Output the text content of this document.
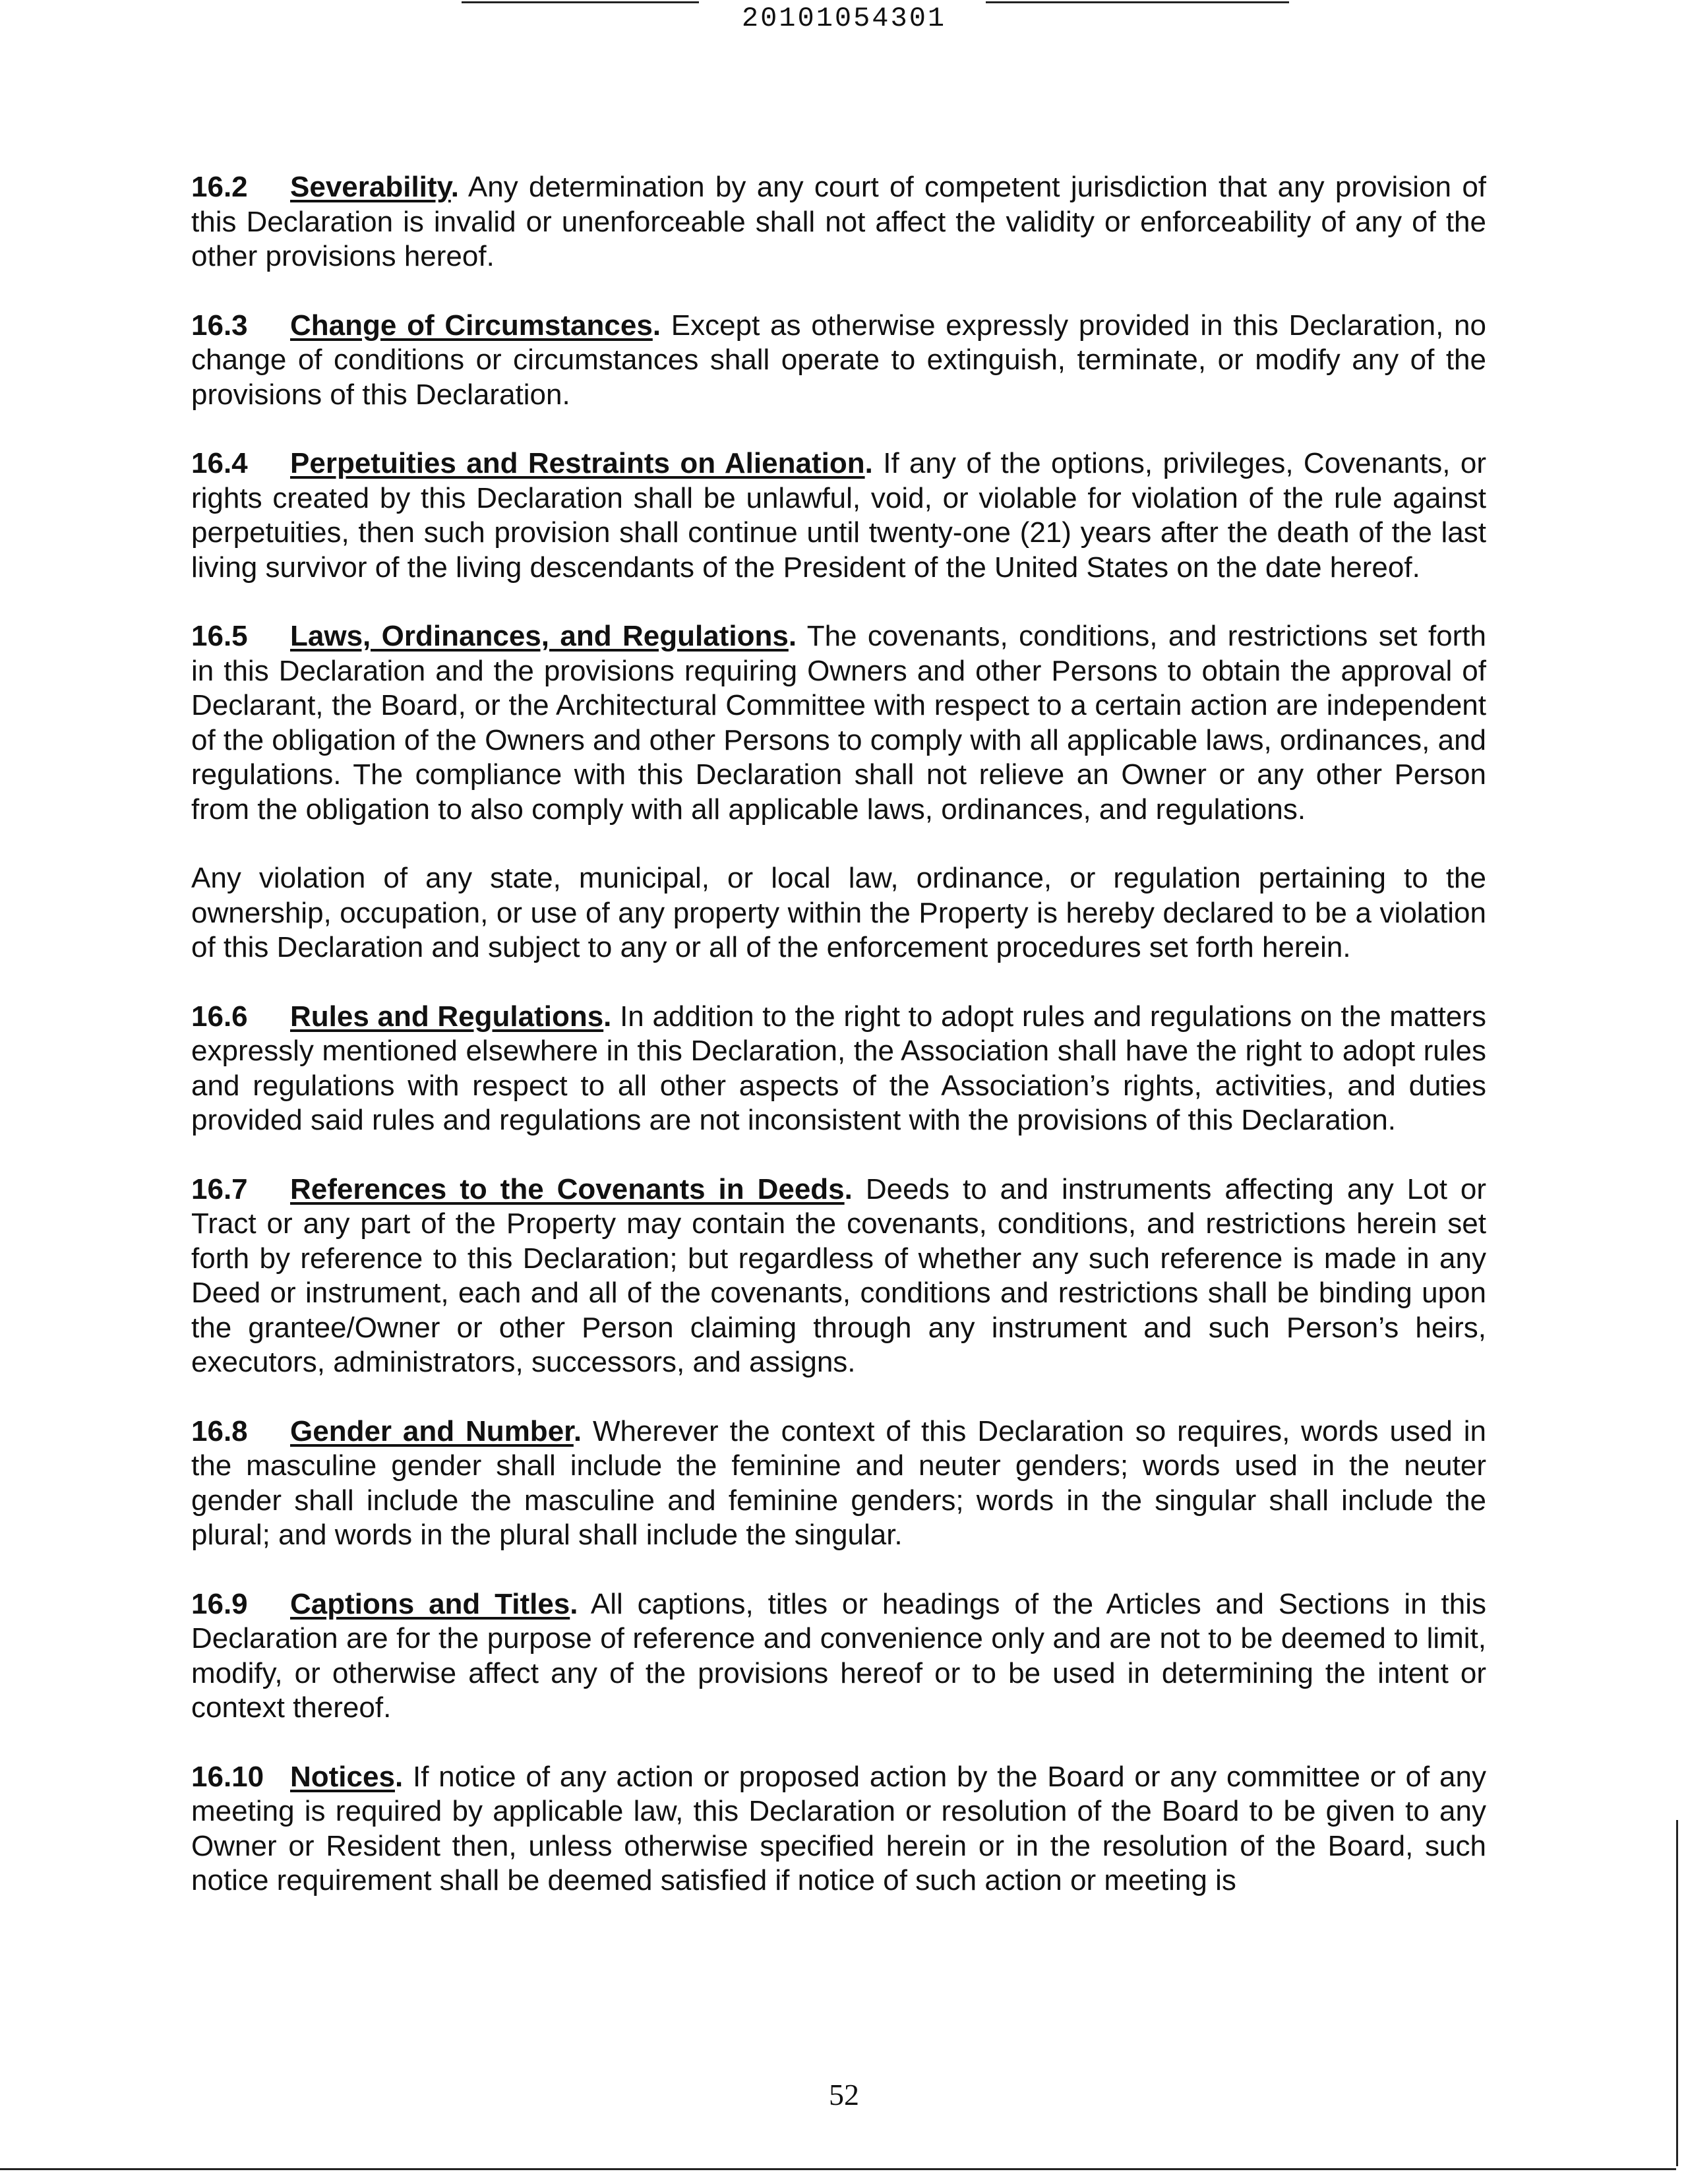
20101054301

16.2 Severability. Any determination by any court of competent jurisdiction that any provision of this Declaration is invalid or unenforceable shall not affect the validity or enforceability of any of the other provisions hereof.

16.3 Change of Circumstances. Except as otherwise expressly provided in this Declaration, no change of conditions or circumstances shall operate to extinguish, terminate, or modify any of the provisions of this Declaration.

16.4 Perpetuities and Restraints on Alienation. If any of the options, privileges, Covenants, or rights created by this Declaration shall be unlawful, void, or violable for violation of the rule against perpetuities, then such provision shall continue until twenty-one (21) years after the death of the last living survivor of the living descendants of the President of the United States on the date hereof.

16.5 Laws, Ordinances, and Regulations. The covenants, conditions, and restrictions set forth in this Declaration and the provisions requiring Owners and other Persons to obtain the approval of Declarant, the Board, or the Architectural Committee with respect to a certain action are independent of the obligation of the Owners and other Persons to comply with all applicable laws, ordinances, and regulations. The compliance with this Declaration shall not relieve an Owner or any other Person from the obligation to also comply with all applicable laws, ordinances, and regulations.

Any violation of any state, municipal, or local law, ordinance, or regulation pertaining to the ownership, occupation, or use of any property within the Property is hereby declared to be a violation of this Declaration and subject to any or all of the enforcement procedures set forth herein.

16.6 Rules and Regulations. In addition to the right to adopt rules and regulations on the matters expressly mentioned elsewhere in this Declaration, the Association shall have the right to adopt rules and regulations with respect to all other aspects of the Association’s rights, activities, and duties provided said rules and regulations are not inconsistent with the provisions of this Declaration.

16.7 References to the Covenants in Deeds. Deeds to and instruments affecting any Lot or Tract or any part of the Property may contain the covenants, conditions, and restrictions herein set forth by reference to this Declaration; but regardless of whether any such reference is made in any Deed or instrument, each and all of the covenants, conditions and restrictions shall be binding upon the grantee/Owner or other Person claiming through any instrument and such Person’s heirs, executors, administrators, successors, and assigns.

16.8 Gender and Number. Wherever the context of this Declaration so requires, words used in the masculine gender shall include the feminine and neuter genders; words used in the neuter gender shall include the masculine and feminine genders; words in the singular shall include the plural; and words in the plural shall include the singular.

16.9 Captions and Titles. All captions, titles or headings of the Articles and Sections in this Declaration are for the purpose of reference and convenience only and are not to be deemed to limit, modify, or otherwise affect any of the provisions hereof or to be used in determining the intent or context thereof.

16.10 Notices. If notice of any action or proposed action by the Board or any committee or of any meeting is required by applicable law, this Declaration or resolution of the Board to be given to any Owner or Resident then, unless otherwise specified herein or in the resolution of the Board, such notice requirement shall be deemed satisfied if notice of such action or meeting is

52
